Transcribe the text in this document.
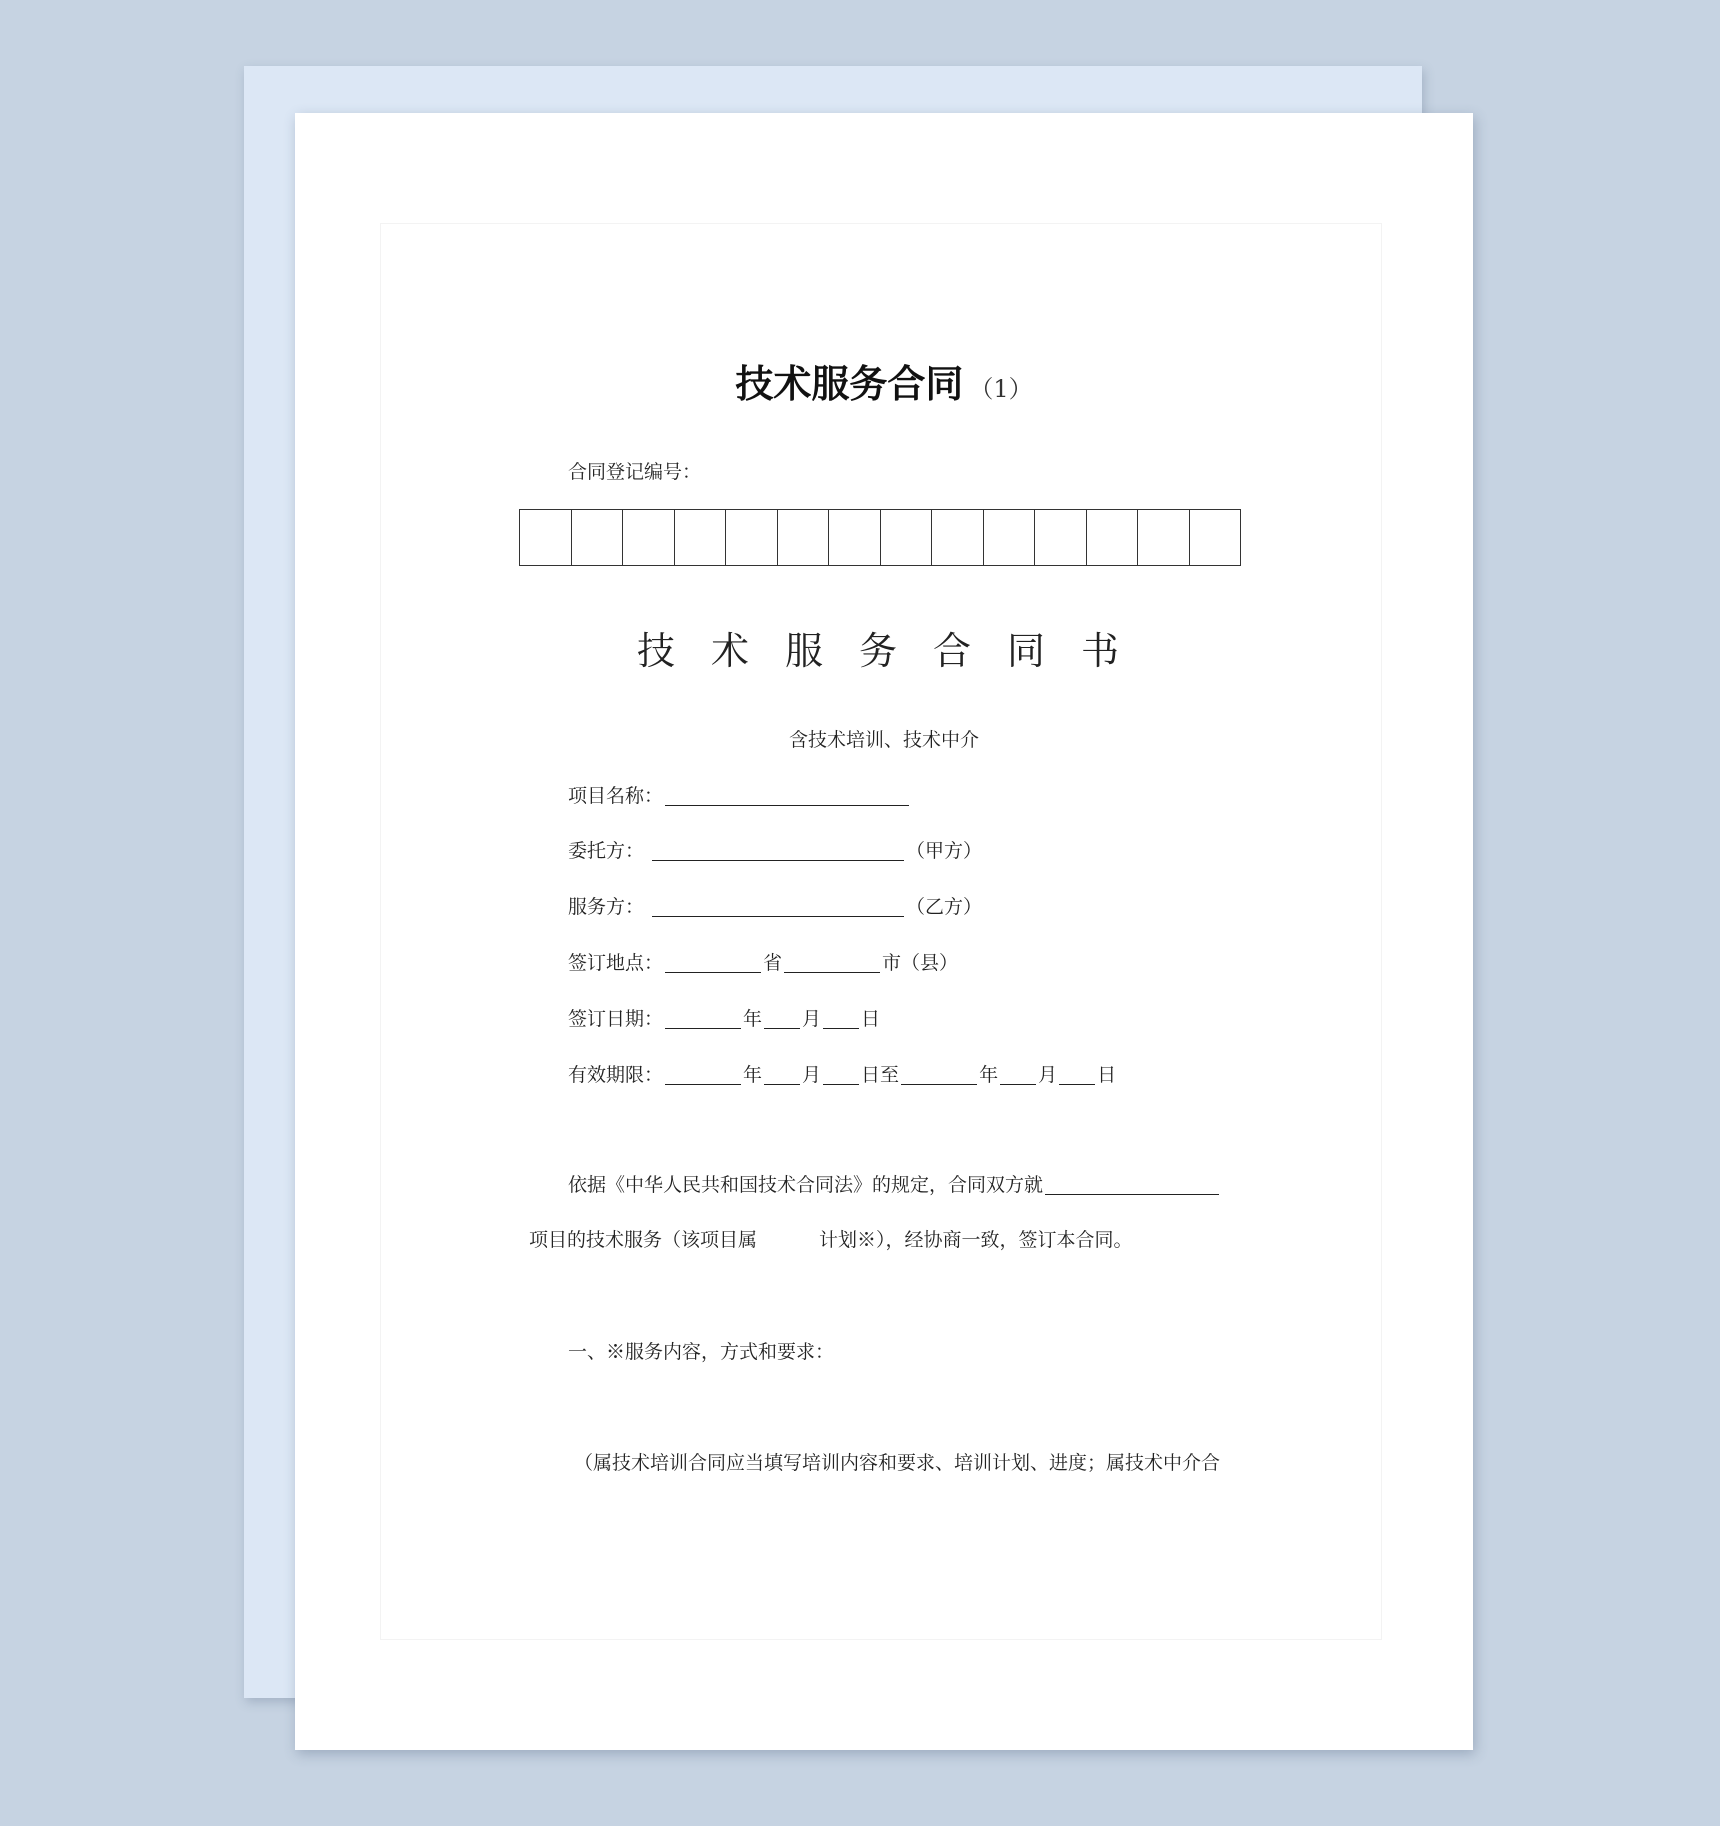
技术服务合同 （1）
合同登记编号：
技术服务合同书
含技术培训、技术中介
项目名称：
委托方：	（甲方）
服务方：	（乙方）
签订地点：	省	市（县）
签订日期：	年 月 日
有效期限：	年 月 日至	年 月 日
依据《中华人民共和国技术合同法》的规定，合同双方就
项目的技术服务（该项目属	计划※），经协商一致，签订本合同。
一、※服务内容，方式和要求：
（属技术培训合同应当填写培训内容和要求、培训计划、进度；属技术中介合
